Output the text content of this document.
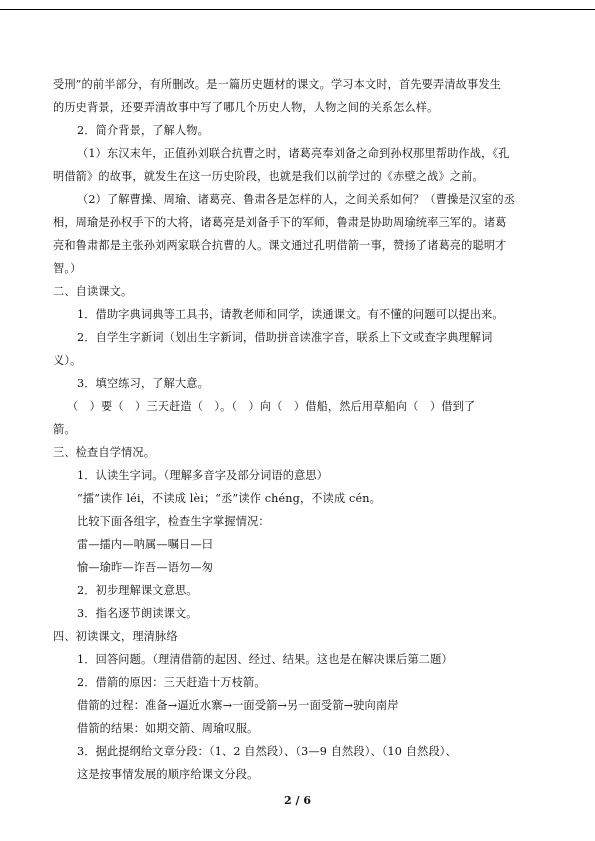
受刑”的前半部分，有所删改。是一篇历史题材的课文。学习本文时，首先要弄清故事发生

的历史背景，还要弄清故事中写了哪几个历史人物，人物之间的关系怎么样。

2．简介背景，了解人物。

（1）东汉末年，正值孙刘联合抗曹之时，诸葛亮奉刘备之命到孙权那里帮助作战，《孔

明借箭》的故事，就发生在这一历史阶段，也就是我们以前学过的《赤壁之战》之前。

（2）了解曹操、周瑜、诸葛亮、鲁肃各是怎样的人，之间关系如何？（曹操是汉室的丞

相，周瑜是孙权手下的大将，诸葛亮是刘备手下的军师，鲁肃是协助周瑜统率三军的。诸葛

亮和鲁肃都是主张孙刘两家联合抗曹的人。课文通过孔明借箭一事，赞扬了诸葛亮的聪明才

智。）

二、自读课文。

1．借助字典词典等工具书，请教老师和同学，读通课文。有不懂的问题可以提出来。

2．自学生字新词（划出生字新词，借助拼音读准字音，联系上下文或查字典理解词

义）。

3．填空练习，了解大意。

（　）要（　）三天赶造（　）。（　）向（　）借船，然后用草船向（　）借到了

箭。

三、检查自学情况。

1．认读生字词。（理解多音字及部分词语的意思）

“擂”读作 léi，不读成 lèi；“丞”读作 chéng，不读成 cén。

比较下面各组字，检查生字掌握情况：

雷—擂内—呐属—嘱日—曰

愉—瑜昨—诈吾—语勿—匆

2．初步理解课文意思。

3．指名逐节朗读课文。

四、初读课文，理清脉络

1．回答问题。（理清借箭的起因、经过、结果。这也是在解决课后第二题）

2．借箭的原因：三天赶造十万枝箭。

借箭的过程：准备→逼近水寨→一面受箭→另一面受箭→驶向南岸

借箭的结果：如期交箭、周瑜叹服。

3．据此提纲给文章分段：（1、2 自然段）、（3—9 自然段）、（10 自然段）、

这是按事情发展的顺序给课文分段。

2 / 6
